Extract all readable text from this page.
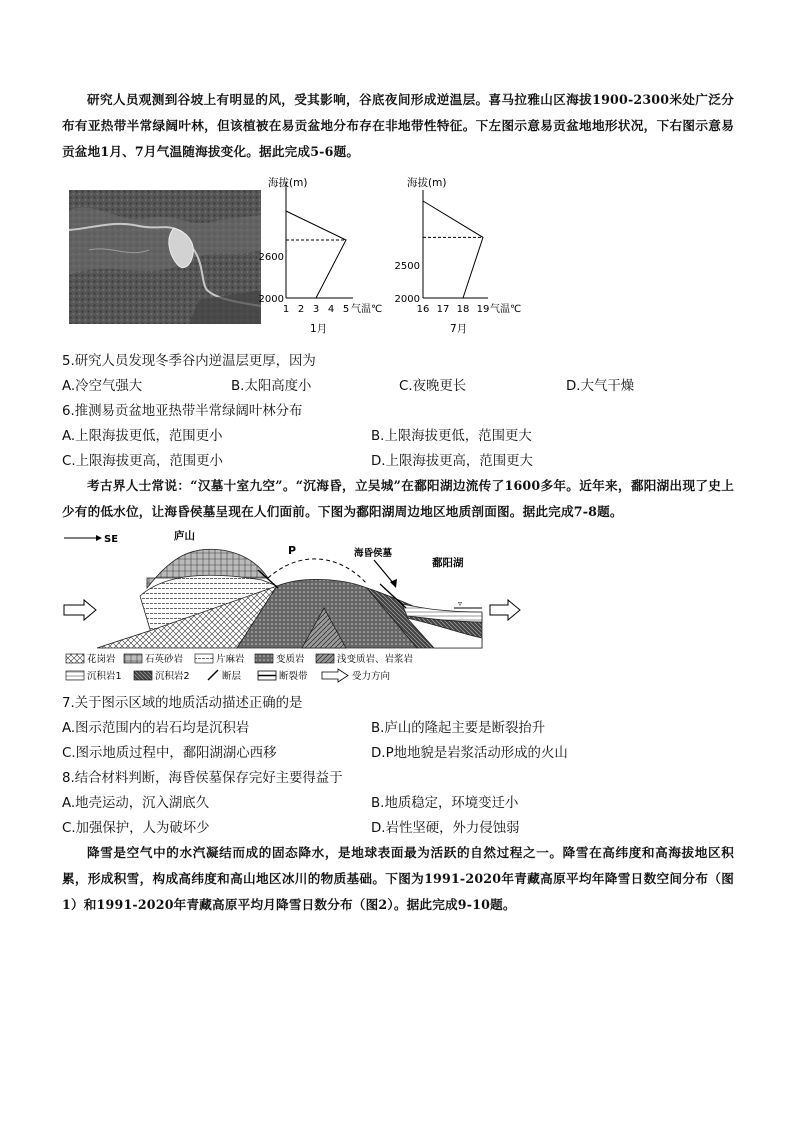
研究人员观测到谷坡上有明显的风，受其影响，谷底夜间形成逆温层。喜马拉雅山区海拔1900-2300米处广泛分布有亚热带半常绿阔叶林，但该植被在易贡盆地分布存在非地带性特征。下左图示意易贡盆地地形状况，下右图示意易贡盆地1月、7月气温随海拔变化。据此完成5-6题。
海拔(m)
2600
2000
1 2 3 4 5 气温℃
1月
海拔(m)
2500
2000
16 17 18 19 气温℃
7月
5.研究人员发现冬季谷内逆温层更厚，因为
A.冷空气强大	B.太阳高度小	C.夜晚更长	D.大气干燥
6.推测易贡盆地亚热带半常绿阔叶林分布
A.上限海拔更低，范围更小	B.上限海拔更低，范围更大
C.上限海拔更高，范围更小	D.上限海拔更高，范围更大
考古界人士常说：“汉墓十室九空”。“沉海昏，立吴城”在鄱阳湖边流传了1600多年。近年来，鄱阳湖出现了史上少有的低水位，让海昏侯墓呈现在人们面前。下图为鄱阳湖周边地区地质剖面图。据此完成7-8题。
SE	庐山
P	海昏侯墓
鄱阳湖
▿
花岗岩	石英砂岩	片麻岩	变质岩	浅变质岩、岩浆岩
沉积岩1	沉积岩2	断层	断裂带	受力方向
7.关于图示区域的地质活动描述正确的是
A.图示范围内的岩石均是沉积岩	B.庐山的隆起主要是断裂抬升
C.图示地质过程中，鄱阳湖湖心西移	D.P地地貌是岩浆活动形成的火山
8.结合材料判断，海昏侯墓保存完好主要得益于
A.地壳运动，沉入湖底久	B.地质稳定，环境变迁小
C.加强保护，人为破坏少	D.岩性坚硬，外力侵蚀弱
降雪是空气中的水汽凝结而成的固态降水，是地球表面最为活跃的自然过程之一。降雪在高纬度和高海拔地区积累，形成积雪，构成高纬度和高山地区冰川的物质基础。下图为1991-2020年青藏高原平均年降雪日数空间分布（图1）和1991-2020年青藏高原平均月降雪日数分布（图2）。据此完成9-10题。
